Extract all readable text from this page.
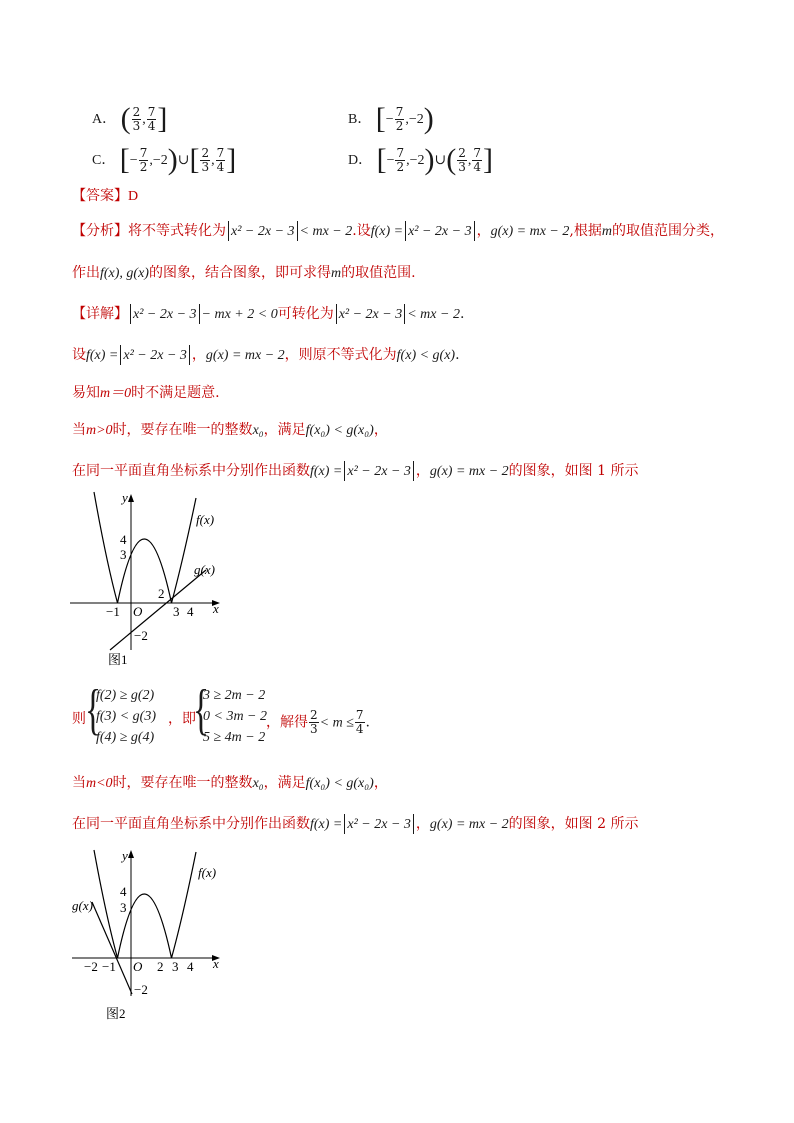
A． ( $\frac{2}{3}$ , $\frac{7}{4}$ ]	B． [− $\frac{7}{2} ,-2$)
C． [− $\frac{7}{2}$ ,−2)∪[ $\frac{2}{3}$ , $\frac{7}{4}$ ]	D． [− $\frac{7}{2}$ ,−2)∪( $\frac{2}{3}$ , $\frac{7}{4}$ ]
【答案】D
【分析】将不等式转化为 x² − 2x − 3 < mx − 2.设f(x) = x² − 2x − 3 ，g(x) = mx − 2,根据m的取值范围分类，
作出f(x), g(x)的图象，结合图象，即可求得m的取值范围.
【详解】 x² − 2x − 3 − mx + 2 < 0可转化为 x² − 2x − 3 < mx − 2.
设f(x) = x² − 2x − 3 ，g(x) = mx − 2，则原不等式化为f(x) < g(x).
易知m＝0时不满足题意.
当m>0时，要存在唯一的整数x₀，满足f(x₀) < g(x₀)，
在同一平面直角坐标系中分别作出函数f(x) = x² − 2x − 3 ，g(x) = mx − 2的图象，如图 1 所示
y
x
O
f(x)
g(x)
4
3
2
−1	3 4
−2
图1
则 {
f(2) ≥ g(2)
f(3) < g(3)
f(4) ≥ g(4)
，即
{
3 ≥ 2m − 2
0 < 3m − 2
5 ≥ 4m − 2
，解得 $\frac{2}{3} < m \le \frac{7}{4}$ .
当m<0时，要存在唯一的整数x₀，满足f(x₀) < g(x₀)，
在同一平面直角坐标系中分别作出函数f(x) = x² − 2x − 3 ，g(x) = mx − 2的图象，如图 2 所示
y
x
O
f(x)
g(x)
4
3
−2 −1	2 3 4
−2
图2
